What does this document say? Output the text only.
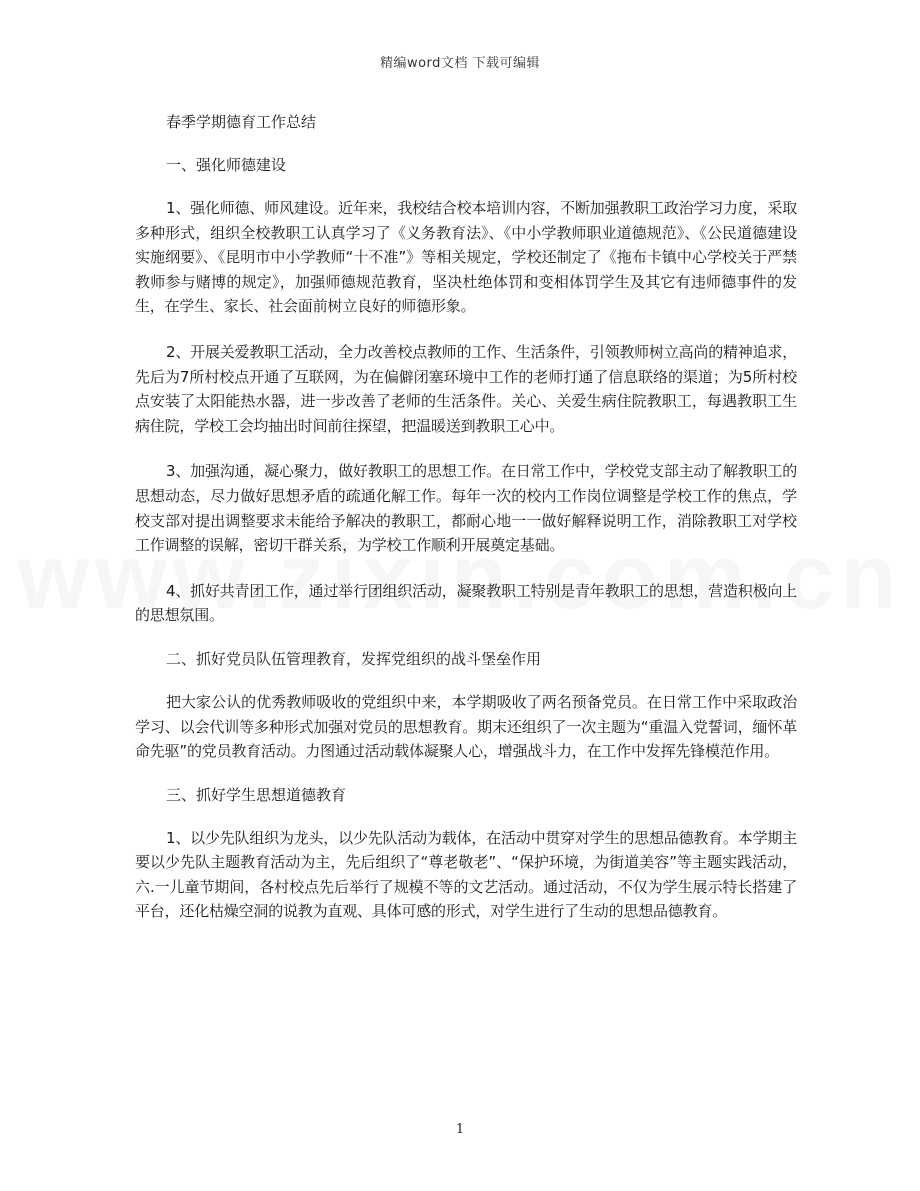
精编word文档 下载可编辑

春季学期德育工作总结

一、强化师德建设

1、强化师德、师风建设。近年来，我校结合校本培训内容，不断加强教职工政治学习力度，采取多种形式，组织全校教职工认真学习了《义务教育法》、《中小学教师职业道德规范》、《公民道德建设实施纲要》、《昆明市中小学教师“十不准”》等相关规定，学校还制定了《拖布卡镇中心学校关于严禁教师参与赌博的规定》，加强师德规范教育，坚决杜绝体罚和变相体罚学生及其它有违师德事件的发生，在学生、家长、社会面前树立良好的师德形象。

2、开展关爱教职工活动，全力改善校点教师的工作、生活条件，引领教师树立高尚的精神追求，先后为7所村校点开通了互联网，为在偏僻闭塞环境中工作的老师打通了信息联络的渠道；为5所村校点安装了太阳能热水器，进一步改善了老师的生活条件。关心、关爱生病住院教职工，每遇教职工生病住院，学校工会均抽出时间前往探望，把温暖送到教职工心中。

3、加强沟通，凝心聚力，做好教职工的思想工作。在日常工作中，学校党支部主动了解教职工的思想动态，尽力做好思想矛盾的疏通化解工作。每年一次的校内工作岗位调整是学校工作的焦点，学校支部对提出调整要求未能给予解决的教职工，都耐心地一一做好解释说明工作，消除教职工对学校工作调整的误解，密切干群关系，为学校工作顺利开展奠定基础。

4、抓好共青团工作，通过举行团组织活动，凝聚教职工特别是青年教职工的思想，营造积极向上的思想氛围。

二、抓好党员队伍管理教育，发挥党组织的战斗堡垒作用

把大家公认的优秀教师吸收的党组织中来，本学期吸收了两名预备党员。在日常工作中采取政治学习、以会代训等多种形式加强对党员的思想教育。期末还组织了一次主题为“重温入党誓词，缅怀革命先驱”的党员教育活动。力图通过活动载体凝聚人心，增强战斗力，在工作中发挥先锋模范作用。

三、抓好学生思想道德教育

1、以少先队组织为龙头，以少先队活动为载体，在活动中贯穿对学生的思想品德教育。本学期主要以少先队主题教育活动为主，先后组织了“尊老敬老”、“保护环境，为街道美容”等主题实践活动，六.一儿童节期间，各村校点先后举行了规模不等的文艺活动。通过活动，不仅为学生展示特长搭建了平台，还化枯燥空洞的说教为直观、具体可感的形式，对学生进行了生动的思想品德教育。

1
